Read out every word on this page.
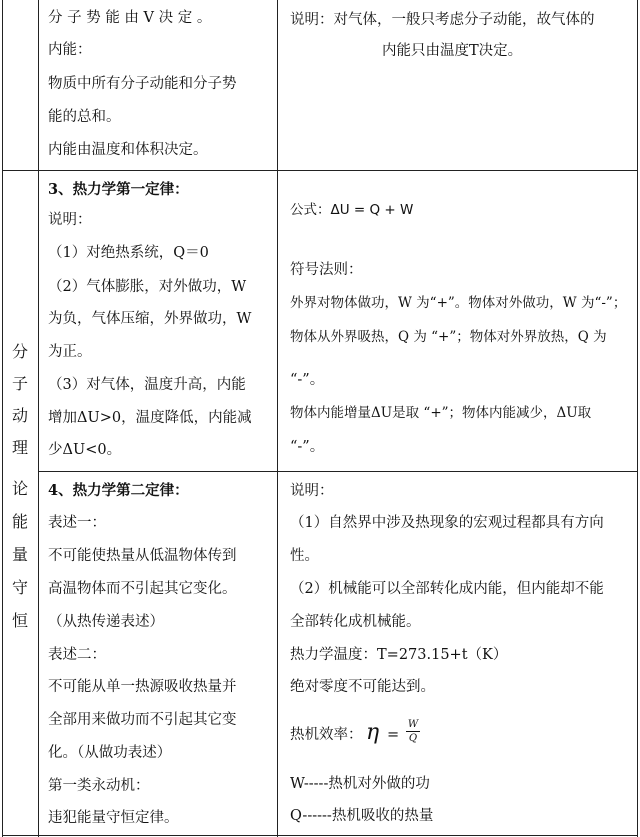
分
子
动
理
论
能
量
守
恒
分 子 势 能 由 V 决 定 。
内能：
物质中所有分子动能和分子势
能的总和。
内能由温度和体积决定。
说明：对气体，一般只考虑分子动能，故气体的
内能只由温度T决定。
3、热力学第一定律：
说明：
（1）对绝热系统，Q＝0
（2）气体膨胀，对外做功，W
为负，气体压缩，外界做功，W
为正。
（3）对气体，温度升高，内能
增加ΔU>0，温度降低，内能减
少ΔU<0。
公式：ΔU = Q + W
符号法则：
外界对物体做功，W 为“+”。物体对外做功，W 为“-”；
物体从外界吸热，Q 为 “+”；物体对外界放热，Q 为
“-”。
物体内能增量ΔU是取 “+”；物体内能减少，ΔU取
“-”。
4、热力学第二定律：
表述一：
不可能使热量从低温物体传到
高温物体而不引起其它变化。
（从热传递表述）
表述二：
不可能从单一热源吸收热量并
全部用来做功而不引起其它变
化。（从做功表述）
第一类永动机：
违犯能量守恒定律。
说明：
（1）自然界中涉及热现象的宏观过程都具有方向
性。
（2）机械能可以全部转化成内能，但内能却不能
全部转化成机械能。
热力学温度：T=273.15+t（K）
绝对零度不可能达到。
热机效率： η =
W
Q
W-----热机对外做的功
Q------热机吸收的热量
